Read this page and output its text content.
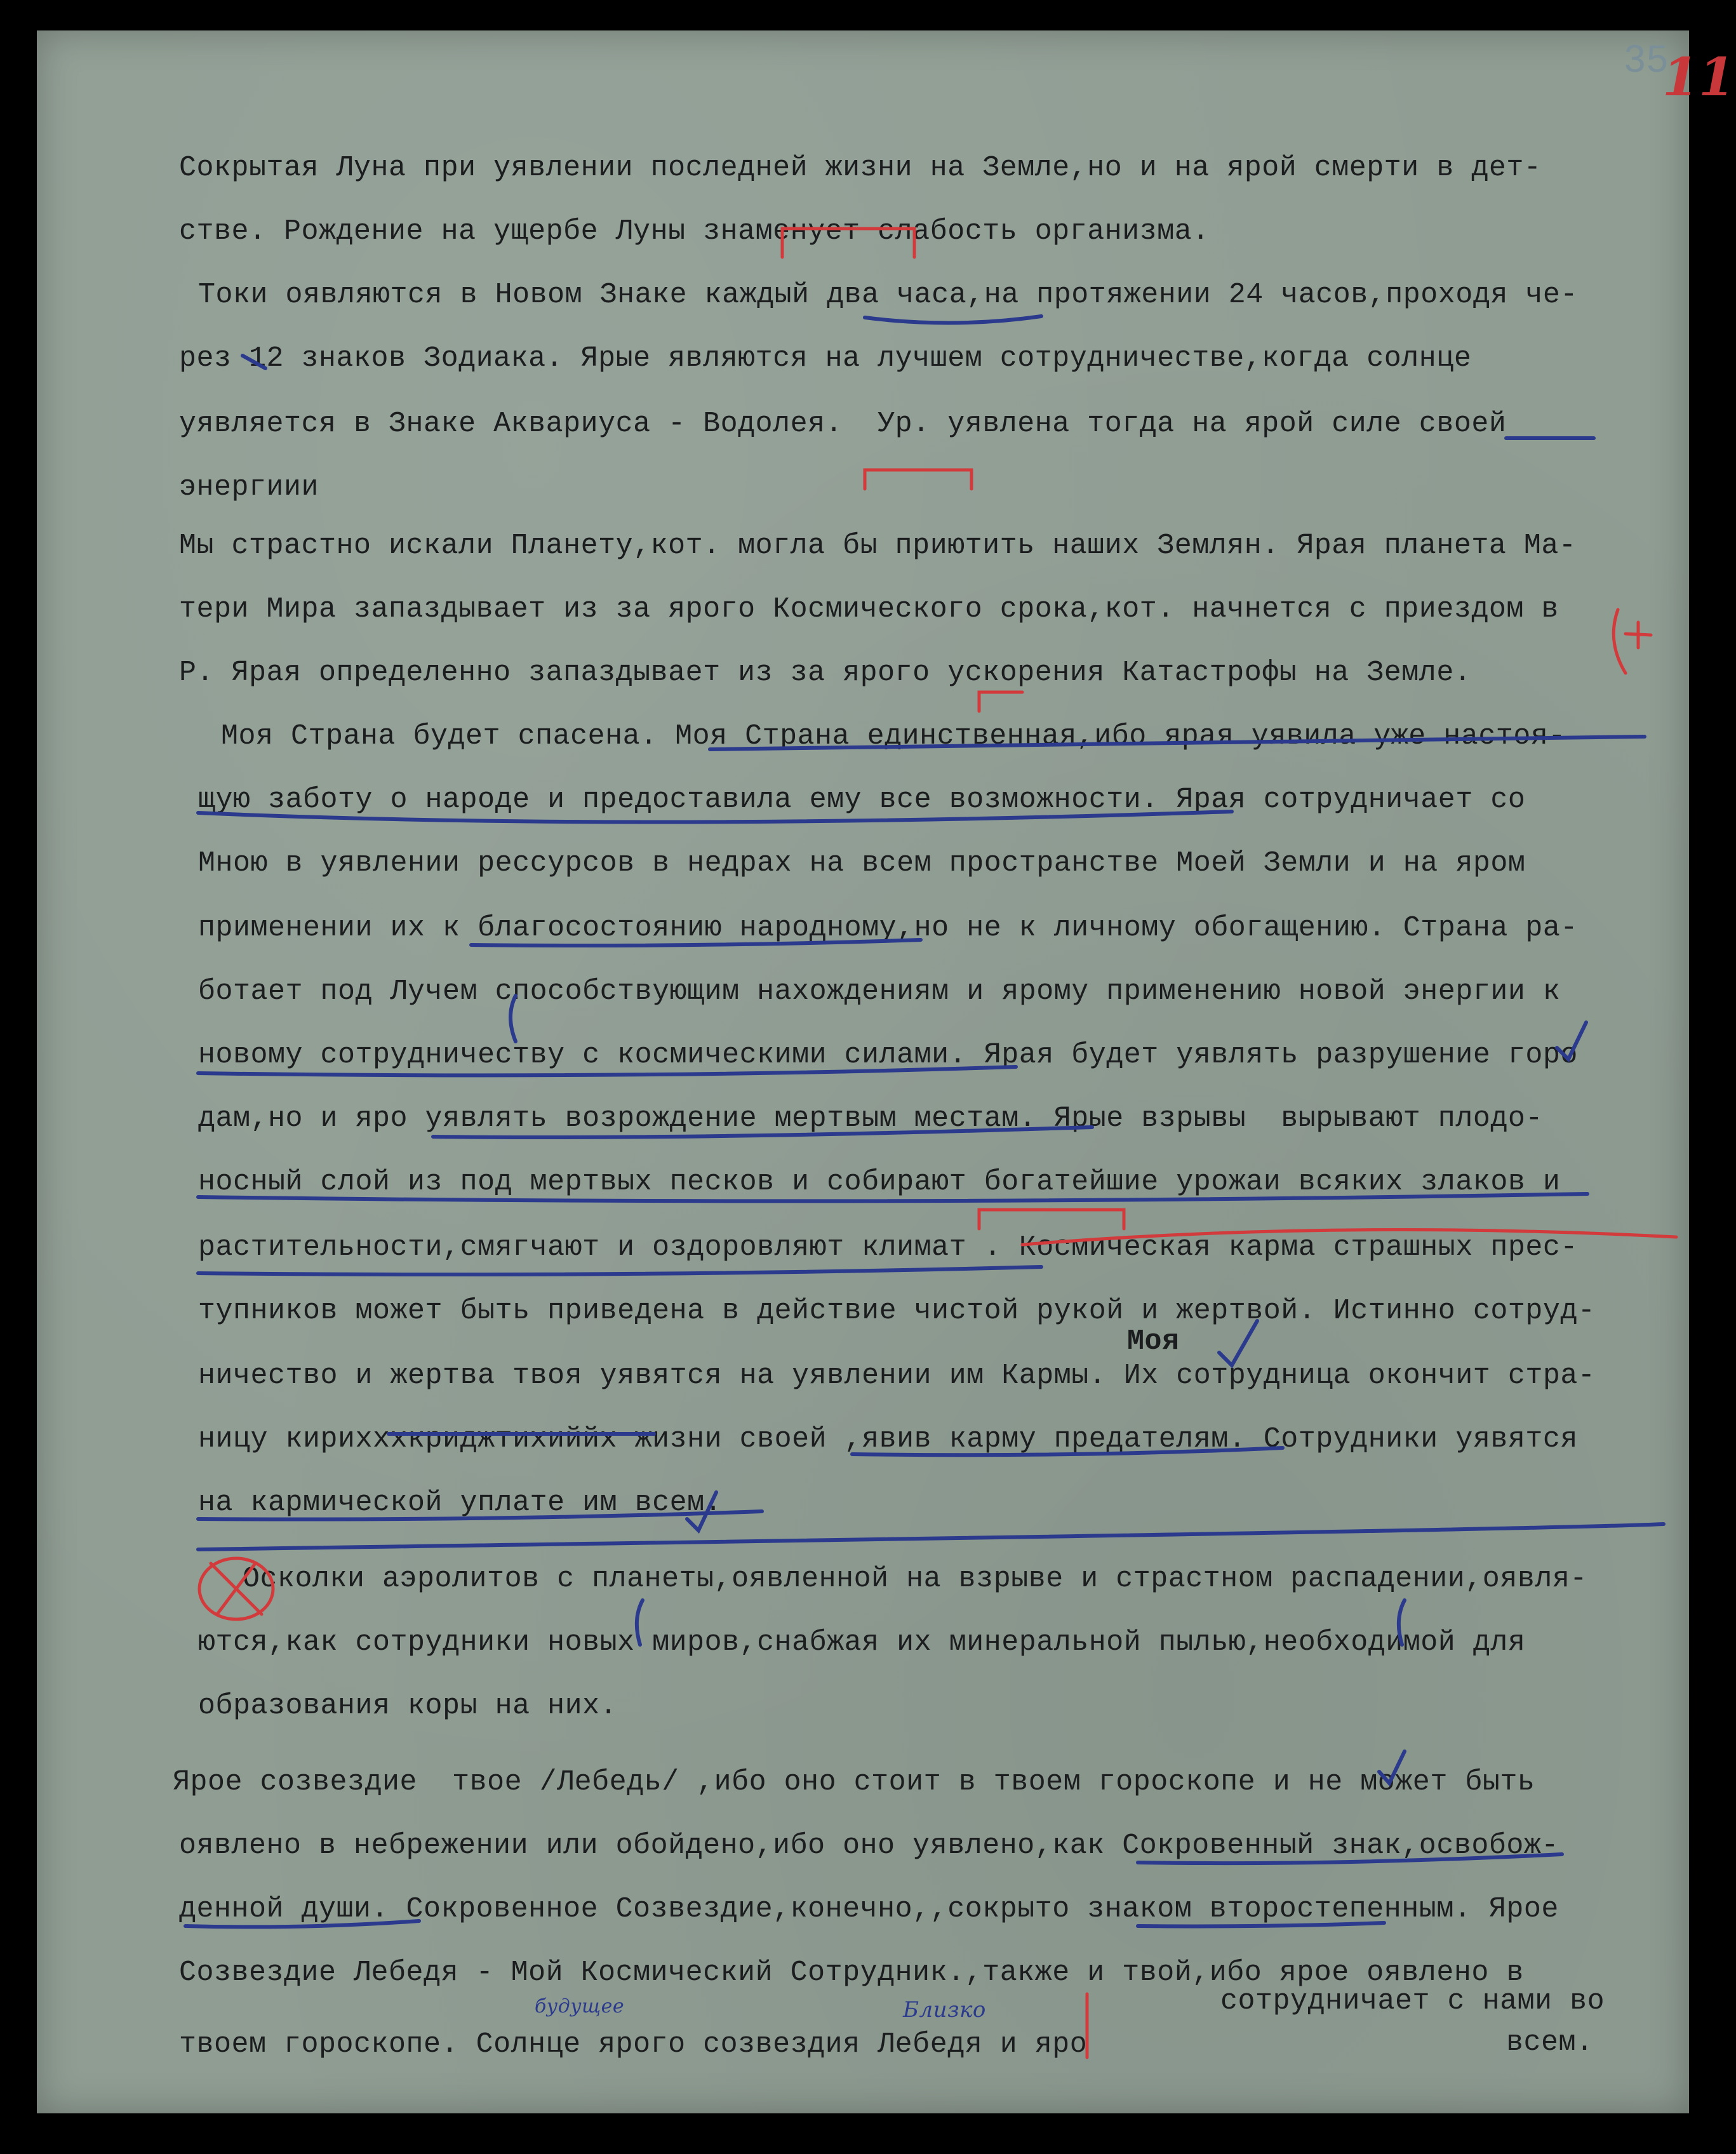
35
11

Сокрытая Луна при уявлении последней жизни на Земле,но и на ярой смерти в дет-

стве. Рождение на ущербе Луны знаменует слабость организма.

Токи оявляются в Новом Знаке каждый два часа,на протяжении 24 часов,проходя че-

рез 12 знаков Зодиака. Ярые являются на лучшем сотрудничестве,когда солнце

уявляется в Знаке Аквариуса - Водолея.  Ур. уявлена тогда на ярой силе своей

энергиии

Мы страстно искали Планету,кот. могла бы приютить наших Землян. Ярая планета Ма-

тери Мира запаздывает из за ярого Космического срока,кот. начнется с приездом в

Р. Ярая определенно запаздывает из за ярого ускорения Катастрофы на Земле.

Моя Страна будет спасена. Моя Страна единственная,ибо ярая уявила уже настоя-

щую заботу о народе и предоставила ему все возможности. Ярая сотрудничает со

Мною в уявлении рессурсов в недрах на всем пространстве Моей Земли и на яром

применении их к благосостоянию народному,но не к личному обогащению. Страна ра-

ботает под Лучем способствующим нахождениям и ярому применению новой энергии к

новому сотрудничеству с космическими силами. Ярая будет уявлять разрушение горо

дам,но и яро уявлять возрождение мертвым местам. Ярые взрывы  вырывают плодо-

носный слой из под мертвых песков и собирают богатейшие урожаи всяких злаков и

растительности,смягчают и оздоровляют климат . Космическая карма страшных прес-

тупников может быть приведена в действие чистой рукой и жертвой. Истинно сотруд-

ничество и жертва твоя уявятся на уявлении им Кармы. Их сотрудница окончит стра-

ницу кирихххкриджтихиййх жизни своей ,явив карму предателям. Сотрудники уявятся

на кармической уплате им всем.

Осколки аэролитов с планеты,оявленной на взрыве и страстном распадении,оявля-

ются,как сотрудники новых миров,снабжая их минеральной пылью,необходимой для

образования коры на них.

Ярое созвездие  твое /Лебедь/ ,ибо оно стоит в твоем гороскопе и не может быть

оявлено в небрежении или обойдено,ибо оно уявлено,как Сокровенный знак,освобож-

денной души. Сокровенное Созвездие,конечно,,сокрыто знаком второстепенным. Ярое

Созвездие Лебедя - Мой Космический Сотрудник.,также и твой,ибо ярое оявлено в

твоем гороскопе. Солнце ярого созвездия Лебедя и яро

сотрудничает с нами во

всем.

Моя

будущее	Близко
